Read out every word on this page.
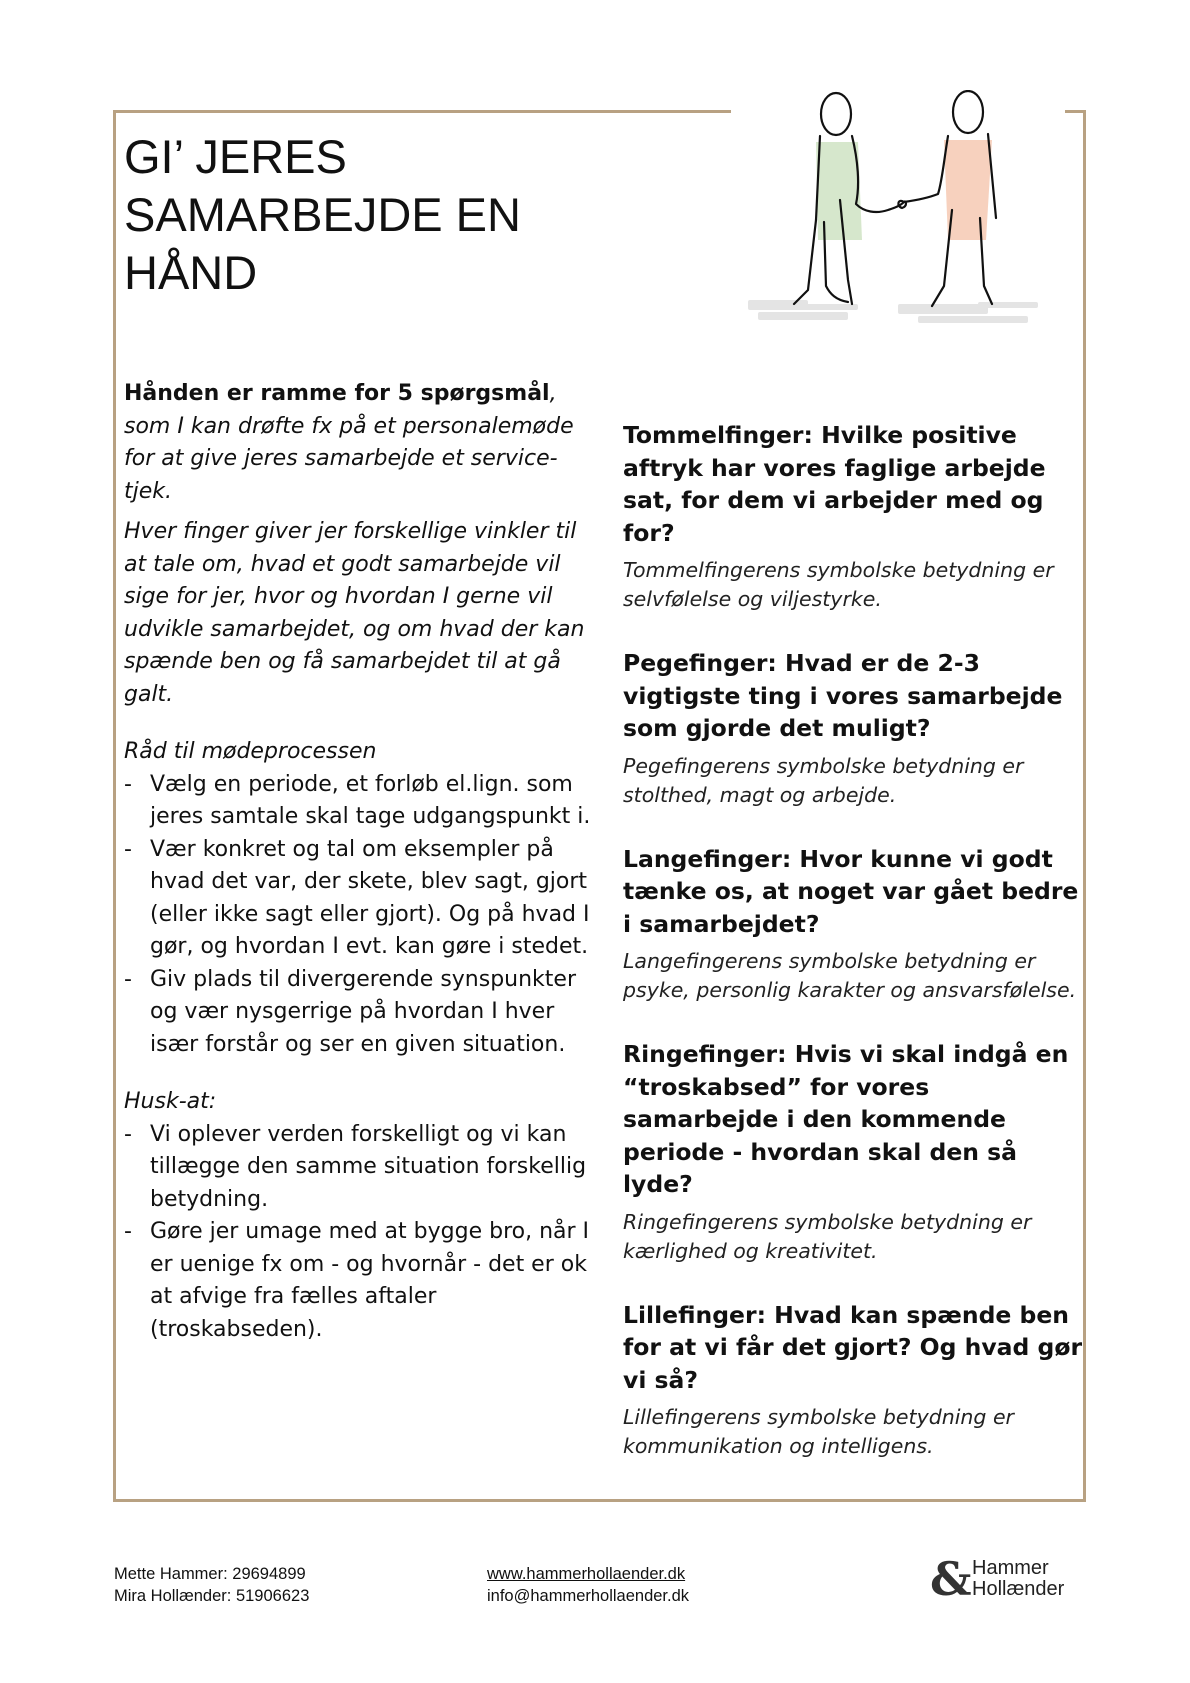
GI’ JERES
SAMARBEJDE EN
HÅND

Hånden er ramme for 5 spørgsmål, som I kan drøfte fx på et personalemøde for at give jeres samarbejde et service-tjek.

Hver finger giver jer forskellige vinkler til at tale om, hvad et godt samarbejde vil sige for jer, hvor og hvordan I gerne vil udvikle samarbejdet, og om hvad der kan spænde ben og få samarbejdet til at gå galt.

Råd til mødeprocessen

- Vælg en periode, et forløb el.lign. som jeres samtale skal tage udgangspunkt i.
- Vær konkret og tal om eksempler på hvad det var, der skete, blev sagt, gjort (eller ikke sagt eller gjort). Og på hvad I gør, og hvordan I evt. kan gøre i stedet.
- Giv plads til divergerende synspunkter og vær nysgerrige på hvordan I hver især forstår og ser en given situation.

Husk-at:

- Vi oplever verden forskelligt og vi kan tillægge den samme situation forskellig betydning.
- Gøre jer umage med at bygge bro, når I er uenige fx om - og hvornår - det er ok at afvige fra fælles aftaler (troskabseden).

Tommelfinger: Hvilke positive aftryk har vores faglige arbejde sat, for dem vi arbejder med og for?

Tommelfingerens symbolske betydning er selvfølelse og viljestyrke.

Pegefinger: Hvad er de 2-3 vigtigste ting i vores samarbejde som gjorde det muligt?

Pegefingerens symbolske betydning er stolthed, magt og arbejde.

Langefinger: Hvor kunne vi godt tænke os, at noget var gået bedre i samarbejdet?

Langefingerens symbolske betydning er psyke, personlig karakter og ansvarsfølelse.

Ringefinger: Hvis vi skal indgå en “troskabsed” for vores samarbejde i den kommende periode - hvordan skal den så lyde?

Ringefingerens symbolske betydning er kærlighed og kreativitet.

Lillefinger: Hvad kan spænde ben for at vi får det gjort? Og hvad gør vi så?

Lillefingerens symbolske betydning er kommunikation og intelligens.

Mette Hammer: 29694899
Mira Hollænder: 51906623
www.hammerhollaender.dk
info@hammerhollaender.dk	& Hammer
Hollænder
